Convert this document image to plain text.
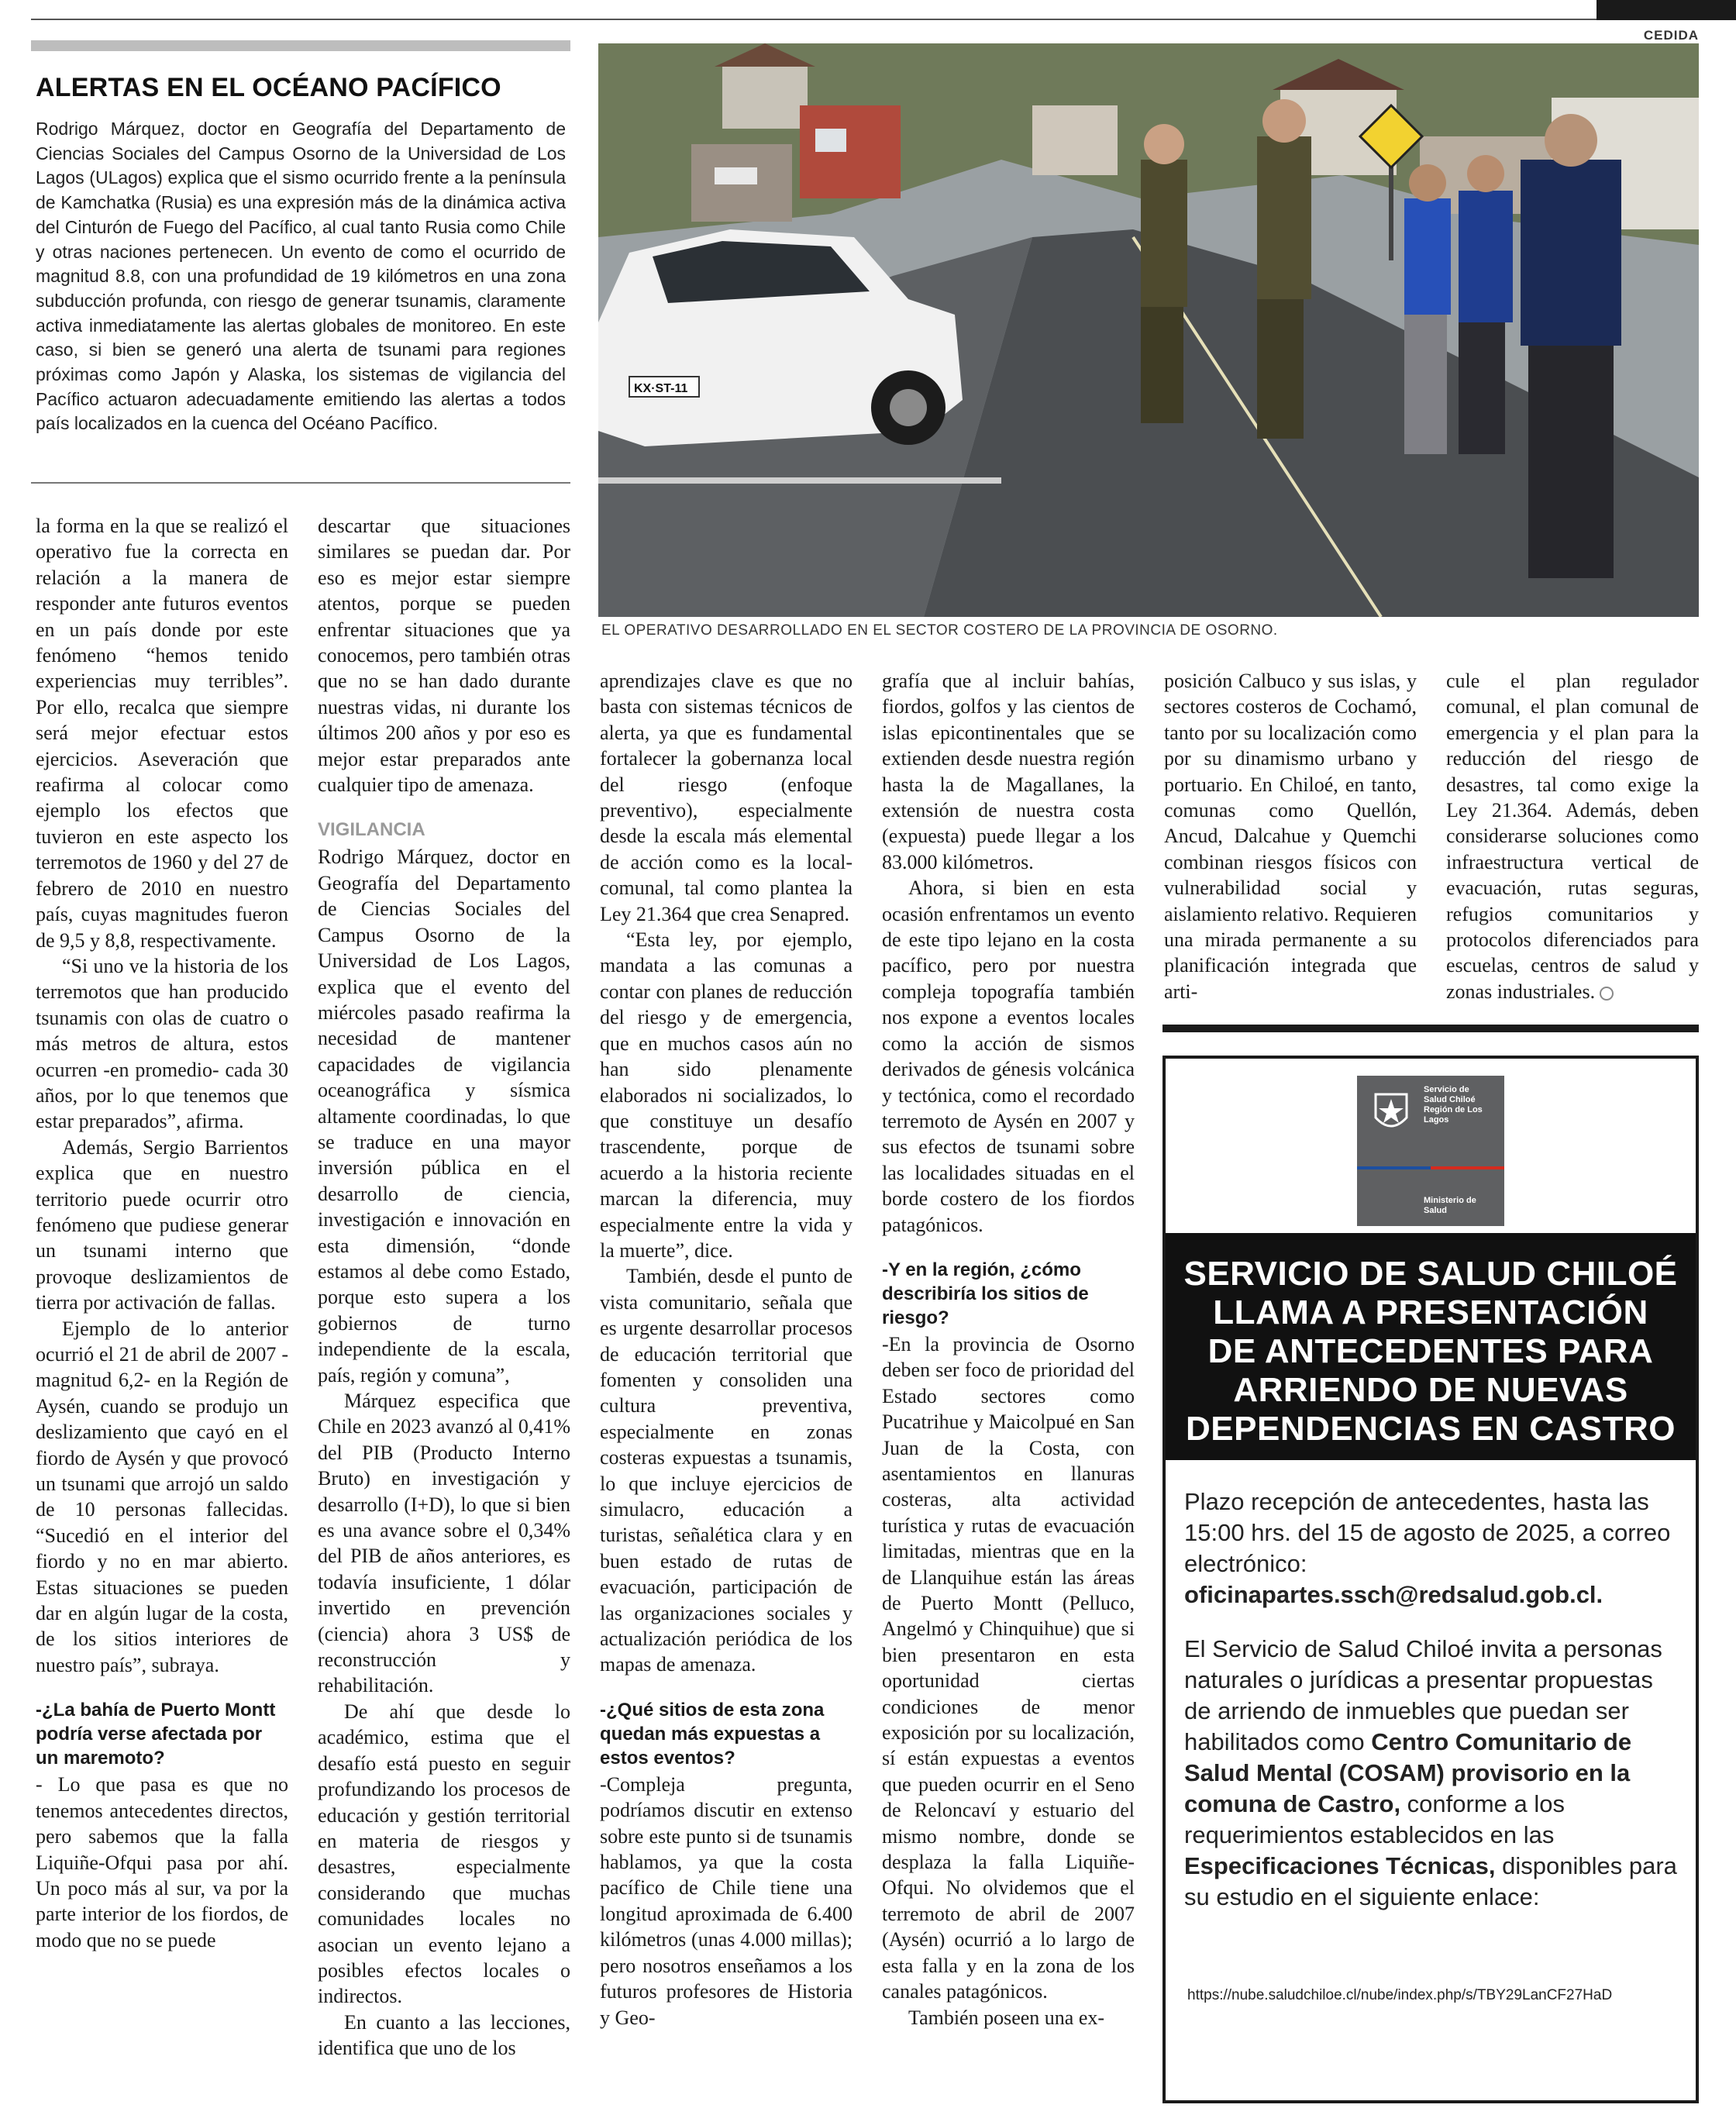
CEDIDA
ALERTAS EN EL OCÉANO PACÍFICO

Rodrigo Márquez, doctor en Geografía del Departamento de Ciencias Sociales del Campus Osorno de la Universidad de Los Lagos (ULagos) explica que el sismo ocurrido frente a la península de Kamchatka (Rusia) es una expresión más de la dinámica activa del Cinturón de Fuego del Pacífico, al cual tanto Rusia como Chile y otras naciones pertenecen. Un evento de como el ocurrido de magnitud 8.8, con una profundidad de 19 kilómetros en una zona subducción profunda, con riesgo de generar tsunamis, claramente activa inmediatamente las alertas globales de monitoreo. En este caso, si bien se generó una alerta de tsunami para regiones próximas como Japón y Alaska, los sistemas de vigilancia del Pacífico actuaron adecuadamente emitiendo las alertas a todos país localizados en la cuenca del Océano Pacífico.

KX·ST-11
EL OPERATIVO DESARROLLADO EN EL SECTOR COSTERO DE LA PROVINCIA DE OSORNO.

la forma en la que se realizó el operativo fue la correcta en relación a la manera de responder ante futuros eventos en un país donde por este fenómeno “hemos tenido experiencias muy terribles”. Por ello, recalca que siempre será mejor efectuar estos ejercicios. Aseveración que reafirma al colocar como ejemplo los efectos que tuvieron en este aspecto los terremotos de 1960 y del 27 de febrero de 2010 en nuestro país, cuyas magnitudes fueron de 9,5 y 8,8, respectivamente.

“Si uno ve la historia de los terremotos que han producido tsunamis con olas de cuatro o más metros de altura, estos ocurren -en promedio- cada 30 años, por lo que tenemos que estar preparados”, afirma.

Además, Sergio Barrientos explica que en nuestro territorio puede ocurrir otro fenómeno que pudiese generar un tsunami interno que provoque deslizamientos de tierra por activación de fallas.

Ejemplo de lo anterior ocurrió el 21 de abril de 2007 -magnitud 6,2- en la Región de Aysén, cuando se produjo un deslizamiento que cayó en el fiordo de Aysén y que provocó un tsunami que arrojó un saldo de 10 personas fallecidas. “Sucedió en el interior del fiordo y no en mar abierto. Estas situaciones se pueden dar en algún lugar de la costa, de los sitios interiores de nuestro país”, subraya.

-¿La bahía de Puerto Montt podría verse afectada por un maremoto?

- Lo que pasa es que no tenemos antecedentes directos, pero sabemos que la falla Liquiñe-Ofqui pasa por ahí. Un poco más al sur, va por la parte interior de los fiordos, de modo que no se puede

descartar que situaciones similares se puedan dar. Por eso es mejor estar siempre atentos, porque se pueden enfrentar situaciones que ya conocemos, pero también otras que no se han dado durante nuestras vidas, ni durante los últimos 200 años y por eso es mejor estar preparados ante cualquier tipo de amenaza.

VIGILANCIA

Rodrigo Márquez, doctor en Geografía del Departamento de Ciencias Sociales del Campus Osorno de la Universidad de Los Lagos, explica que el evento del miércoles pasado reafirma la necesidad de mantener capacidades de vigilancia oceanográfica y sísmica altamente coordinadas, lo que se traduce en una mayor inversión pública en el desarrollo de ciencia, investigación e innovación en esta dimensión, “donde estamos al debe como Estado, porque esto supera a los gobiernos de turno independiente de la escala, país, región y comuna”,

Márquez especifica que Chile en 2023 avanzó al 0,41% del PIB (Producto Interno Bruto) en investigación y desarrollo (I+D), lo que si bien es una avance sobre el 0,34% del PIB de años anteriores, es todavía insuficiente, 1 dólar invertido en prevención (ciencia) ahora 3 US$ de reconstrucción y rehabilitación.

De ahí que desde lo académico, estima que el desafío está puesto en seguir profundizando los procesos de educación y gestión territorial en materia de riesgos y desastres, especialmente considerando que muchas comunidades locales no asocian un evento lejano a posibles efectos locales o indirectos.

En cuanto a las lecciones, identifica que uno de los

aprendizajes clave es que no basta con sistemas técnicos de alerta, ya que es fundamental fortalecer la gobernanza local del riesgo (enfoque preventivo), especialmente desde la escala más elemental de acción como es la local-comunal, tal como plantea la Ley 21.364 que crea Senapred.

“Esta ley, por ejemplo, mandata a las comunas a contar con planes de reducción del riesgo y de emergencia, que en muchos casos aún no han sido plenamente elaborados ni socializados, lo que constituye un desafío trascendente, porque de acuerdo a la historia reciente marcan la diferencia, muy especialmente entre la vida y la muerte”, dice.

También, desde el punto de vista comunitario, señala que es urgente desarrollar procesos de educación territorial que fomenten y consoliden una cultura preventiva, especialmente en zonas costeras expuestas a tsunamis, lo que incluye ejercicios de simulacro, educación a turistas, señalética clara y en buen estado de rutas de evacuación, participación de las organizaciones sociales y actualización periódica de los mapas de amenaza.

-¿Qué sitios de esta zona quedan más expuestas a estos eventos?

-Compleja pregunta, podríamos discutir en extenso sobre este punto si de tsunamis hablamos, ya que la costa pacífico de Chile tiene una longitud aproximada de 6.400 kilómetros (unas 4.000 millas); pero nosotros enseñamos a los futuros profesores de Historia y Geo-

grafía que al incluir bahías, fiordos, golfos y las cientos de islas epicontinentales que se extienden desde nuestra región hasta la de Magallanes, la extensión de nuestra costa (expuesta) puede llegar a los 83.000 kilómetros.

Ahora, si bien en esta ocasión enfrentamos un evento de este tipo lejano en la costa pacífico, pero por nuestra compleja topografía también nos expone a eventos locales como la acción de sismos derivados de génesis volcánica y tectónica, como el recordado terremoto de Aysén en 2007 y sus efectos de tsunami sobre las localidades situadas en el borde costero de los fiordos patagónicos.

-Y en la región, ¿cómo describiría los sitios de riesgo?

-En la provincia de Osorno deben ser foco de prioridad del Estado sectores como Pucatrihue y Maicolpué en San Juan de la Costa, con asentamientos en llanuras costeras, alta actividad turística y rutas de evacuación limitadas, mientras que en la de Llanquihue están las áreas de Puerto Montt (Pelluco, Angelmó y Chinquihue) que si bien presentaron en esta oportunidad ciertas condiciones de menor exposición por su localización, sí están expuestas a eventos que pueden ocurrir en el Seno de Reloncaví y estuario del mismo nombre, donde se desplaza la falla Liquiñe-Ofqui. No olvidemos que el terremoto de abril de 2007 (Aysén) ocurrió a lo largo de esta falla y en la zona de los canales patagónicos.

También poseen una ex-

posición Calbuco y sus islas, y sectores costeros de Cochamó, tanto por su localización como por su dinamismo urbano y portuario. En Chiloé, en tanto, comunas como Quellón, Ancud, Dalcahue y Quemchi combinan riesgos físicos con vulnerabilidad social y aislamiento relativo. Requieren una mirada permanente a su planificación integrada que arti-

cule el plan regulador comunal, el plan comunal de emergencia y el plan para la reducción del riesgo de desastres, tal como exige la Ley 21.364. Además, deben considerarse soluciones como infraestructura vertical de evacuación, rutas seguras, refugios comunitarios y protocolos diferenciados para escuelas, centros de salud y zonas industriales.

Servicio de
Salud Chiloé
Región de Los Lagos
Ministerio de
Salud
SERVICIO DE SALUD CHILOÉ
LLAMA A PRESENTACIÓN
DE ANTECEDENTES PARA
ARRIENDO DE NUEVAS
DEPENDENCIAS EN CASTRO

Plazo recepción de antecedentes, hasta las 15:00 hrs. del 15 de agosto de 2025, a correo electrónico:
oficinapartes.ssch@redsalud.gob.cl.

El Servicio de Salud Chiloé invita a personas naturales o jurídicas a presentar propuestas de arriendo de inmuebles que puedan ser habilitados como Centro Comunitario de Salud Mental (COSAM) provisorio en la comuna de Castro, conforme a los requerimientos establecidos en las Especificaciones Técnicas, disponibles para su estudio en el siguiente enlace:

https://nube.saludchiloe.cl/nube/index.php/s/TBY29LanCF27HaD
